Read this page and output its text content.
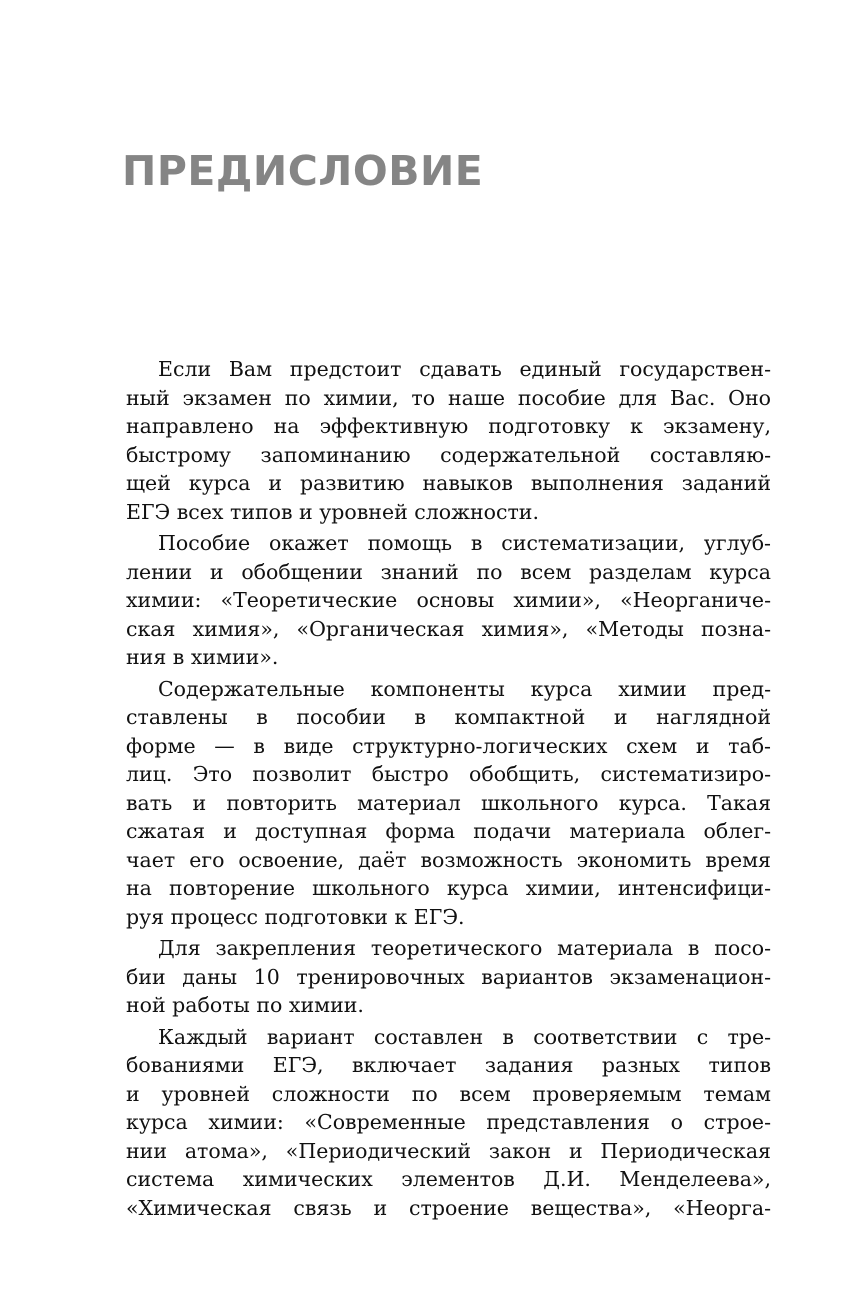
ПРЕДИСЛОВИЕ

Если Вам предстоит сдавать единый государствен-
ный экзамен по химии, то наше пособие для Вас. Оно
направлено на эффективную подготовку к экзамену,
быстрому запоминанию содержательной составляю-
щей курса и развитию навыков выполнения заданий
ЕГЭ всех типов и уровней сложности.

Пособие окажет помощь в систематизации, углуб-
лении и обобщении знаний по всем разделам курса
химии: «Теоретические основы химии», «Неорганиче-
ская химия», «Органическая химия», «Методы позна-
ния в химии».

Содержательные компоненты курса химии пред-
ставлены в пособии в компактной и наглядной
форме — в виде структурно-логических схем и таб-
лиц. Это позволит быстро обобщить, систематизиро-
вать и повторить материал школьного курса. Такая
сжатая и доступная форма подачи материала облег-
чает его освоение, даёт возможность экономить время
на повторение школьного курса химии, интенсифици-
руя процесс подготовки к ЕГЭ.

Для закрепления теоретического материала в посо-
бии даны 10 тренировочных вариантов экзаменацион-
ной работы по химии.

Каждый вариант составлен в соответствии с тре-
бованиями ЕГЭ, включает задания разных типов
и уровней сложности по всем проверяемым темам
курса химии: «Современные представления о строе-
нии атома», «Периодический закон и Периодическая
система химических элементов Д.И. Менделеева»,
«Химическая связь и строение вещества», «Неорга-
